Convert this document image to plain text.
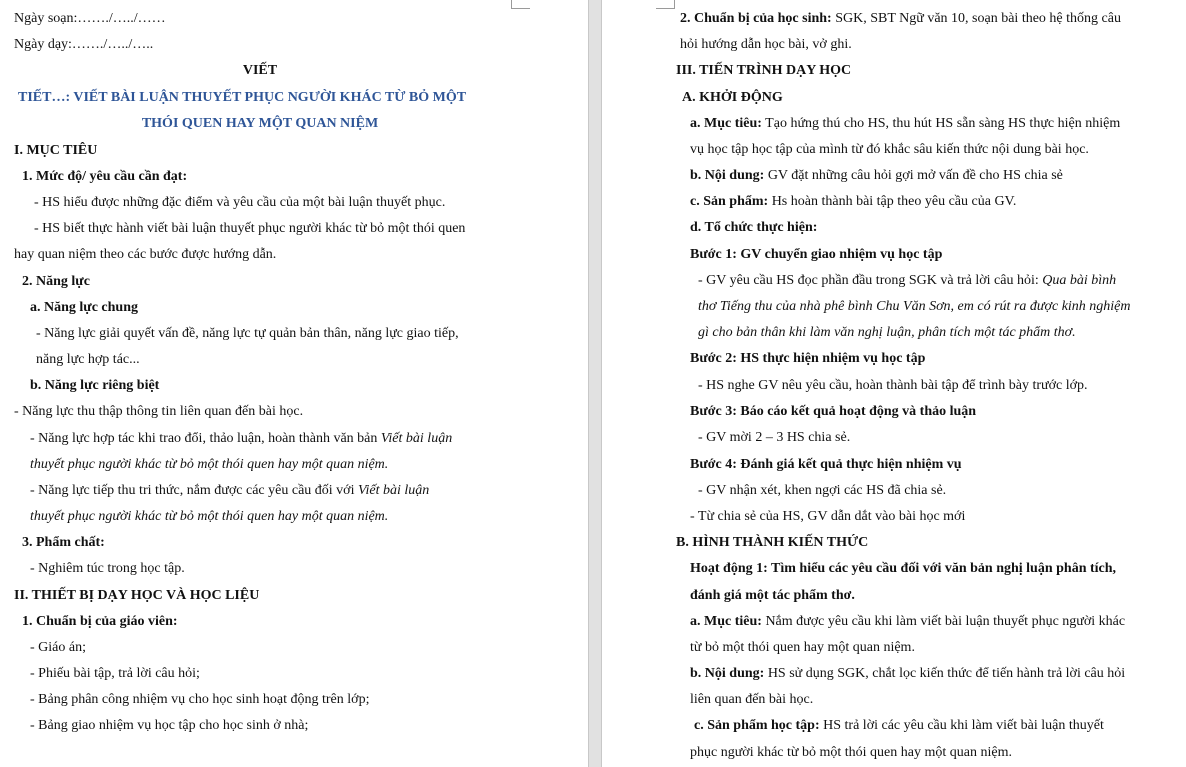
Ngày soạn:……./…../……
Ngày dạy:……./…../…..
VIẾT
TIẾT…: VIẾT BÀI LUẬN THUYẾT PHỤC NGƯỜI KHÁC TỪ BỎ MỘT
THÓI QUEN HAY MỘT QUAN NIỆM
I. MỤC TIÊU
1. Mức độ/ yêu cầu cần đạt:
- HS hiểu được những đặc điểm và yêu cầu của một bài luận thuyết phục.
- HS biết thực hành viết bài luận thuyết phục người khác từ bỏ một thói quen
hay quan niệm theo các bước được hướng dẫn.
2. Năng lực
a. Năng lực chung
- Năng lực giải quyết vấn đề, năng lực tự quản bản thân, năng lực giao tiếp,
năng lực hợp tác...
b. Năng lực riêng biệt
- Năng lực thu thập thông tin liên quan đến bài học.
- Năng lực hợp tác khi trao đổi, thảo luận, hoàn thành văn bản Viết bài luận
thuyết phục người khác từ bỏ một thói quen hay một quan niệm.
- Năng lực tiếp thu tri thức, nắm được các yêu cầu đối với Viết bài luận
thuyết phục người khác từ bỏ một thói quen hay một quan niệm.
3. Phẩm chất:
- Nghiêm túc trong học tập.
II. THIẾT BỊ DẠY HỌC VÀ HỌC LIỆU
1. Chuẩn bị của giáo viên:
- Giáo án;
- Phiếu bài tập, trả lời câu hỏi;
- Bảng phân công nhiệm vụ cho học sinh hoạt động trên lớp;
- Bảng giao nhiệm vụ học tập cho học sinh ở nhà;
2. Chuẩn bị của học sinh: SGK, SBT Ngữ văn 10, soạn bài theo hệ thống câu
hỏi hướng dẫn học bài, vở ghi.
III. TIẾN TRÌNH DẠY HỌC
A. KHỞI ĐỘNG
a. Mục tiêu: Tạo hứng thú cho HS, thu hút HS sẵn sàng HS thực hiện nhiệm
vụ học tập học tập của mình từ đó khắc sâu kiến thức nội dung bài học.
b. Nội dung: GV đặt những câu hỏi gợi mở vấn đề cho HS chia sẻ
c. Sản phẩm: Hs hoàn thành bài tập theo yêu cầu của GV.
d. Tổ chức thực hiện:
Bước 1: GV chuyển giao nhiệm vụ học tập
- GV yêu cầu HS đọc phần đầu trong SGK và trả lời câu hỏi: Qua bài bình
thơ Tiếng thu của nhà phê bình Chu Văn Sơn, em có rút ra được kinh nghiệm
gì cho bản thân khi làm văn nghị luận, phân tích một tác phẩm thơ.
Bước 2: HS thực hiện nhiệm vụ học tập
- HS nghe GV nêu yêu cầu, hoàn thành bài tập để trình bày trước lớp.
Bước 3: Báo cáo kết quả hoạt động và thảo luận
- GV mời 2 – 3 HS chia sẻ.
Bước 4: Đánh giá kết quả thực hiện nhiệm vụ
- GV nhận xét, khen ngợi các HS đã chia sẻ.
- Từ chia sẻ của HS, GV dẫn dắt vào bài học mới
B. HÌNH THÀNH KIẾN THỨC
Hoạt động 1: Tìm hiểu các yêu cầu đối với văn bản nghị luận phân tích,
đánh giá một tác phẩm thơ.
a. Mục tiêu: Nắm được yêu cầu khi làm viết bài luận thuyết phục người khác
từ bỏ một thói quen hay một quan niệm.
b. Nội dung: HS sử dụng SGK, chắt lọc kiến thức để tiến hành trả lời câu hỏi
liên quan đến bài học.
c. Sản phẩm học tập: HS trả lời các yêu cầu khi làm viết bài luận thuyết
phục người khác từ bỏ một thói quen hay một quan niệm.
